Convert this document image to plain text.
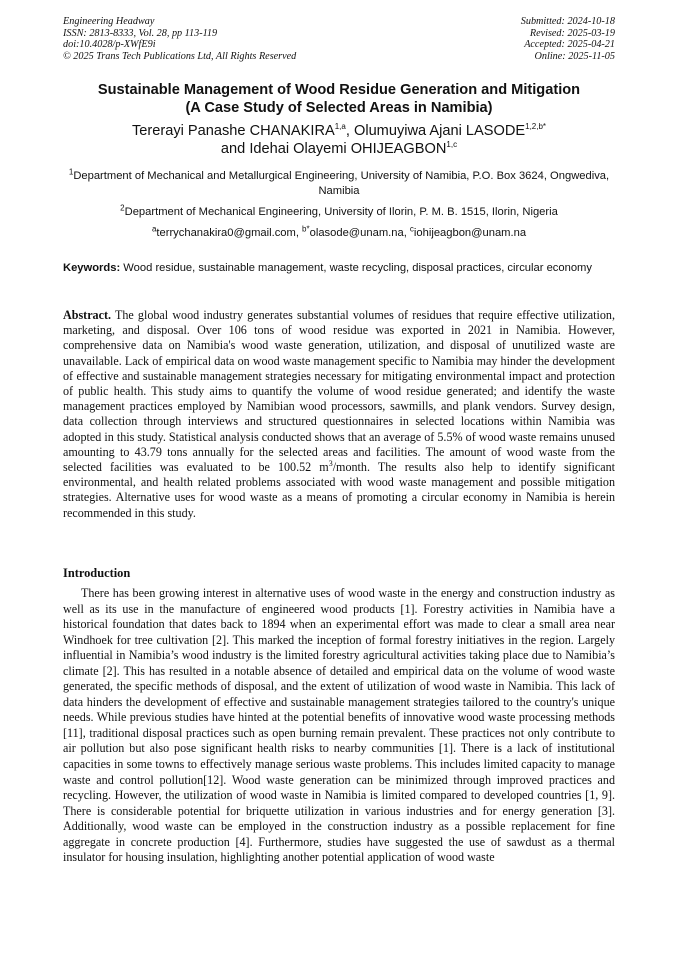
Engineering Headway
ISSN: 2813-8333, Vol. 28, pp 113-119
doi:10.4028/p-XWfE9i
© 2025 Trans Tech Publications Ltd, All Rights Reserved
Submitted: 2024-10-18
Revised: 2025-03-19
Accepted: 2025-04-21
Online: 2025-11-05
Sustainable Management of Wood Residue Generation and Mitigation
(A Case Study of Selected Areas in Namibia)
Tererayi Panashe CHANAKIRA$^{1,a}$, Olumuyiwa Ajani $LASODE^{1,2,b*}$
and Idehai Olayemi OHIJEAGBON$^{1,c}$
$^1$Department of Mechanical and Metallurgical Engineering, University of Namibia, P.O. Box 3624, Ongwediva, Namibia
$^2$Department of Mechanical Engineering, University of Ilorin, P. M. B. 1515, Ilorin, Nigeria
$^a$terrychanakira0@gmail.com, $^{b*}$olasode@unam.na, $^c$iohijeagbon@unam.na
Keywords: Wood residue, sustainable management, waste recycling, disposal practices, circular economy
Abstract. The global wood industry generates substantial volumes of residues that require effective utilization, marketing, and disposal. Over 106 tons of wood residue was exported in 2021 in Namibia. However, comprehensive data on Namibia's wood waste generation, utilization, and disposal of unutilized waste are unavailable. Lack of empirical data on wood waste management specific to Namibia may hinder the development of effective and sustainable management strategies necessary for mitigating environmental impact and protection of public health. This study aims to quantify the volume of wood residue generated; and identify the waste management practices employed by Namibian wood processors, sawmills, and plank vendors. Survey design, data collection through interviews and structured questionnaires in selected locations within Namibia was adopted in this study. Statistical analysis conducted shows that an average of 5.5% of wood waste remains unused amounting to 43.79 tons annually for the selected areas and facilities. The amount of wood waste from the selected facilities was evaluated to be 100.52 $m^3$/month. The results also help to identify significant environmental, and health related problems associated with wood waste management and possible mitigation strategies. Alternative uses for wood waste as a means of promoting a circular economy in Namibia is herein recommended in this study.
Introduction
There has been growing interest in alternative uses of wood waste in the energy and construction industry as well as its use in the manufacture of engineered wood products [1]. Forestry activities in Namibia have a historical foundation that dates back to 1894 when an experimental effort was made to clear a small area near Windhoek for tree cultivation [2]. This marked the inception of formal forestry initiatives in the region. Largely influential in Namibia’s wood industry is the limited forestry agricultural activities taking place due to Namibia’s climate [2]. This has resulted in a notable absence of detailed and empirical data on the volume of wood waste generated, the specific methods of disposal, and the extent of utilization of wood waste in Namibia. This lack of data hinders the development of effective and sustainable management strategies tailored to the country's unique needs. While previous studies have hinted at the potential benefits of innovative wood waste processing methods [11], traditional disposal practices such as open burning remain prevalent. These practices not only contribute to air pollution but also pose significant health risks to nearby communities [1]. There is a lack of institutional capacities in some towns to effectively manage serious waste problems. This includes limited capacity to manage waste and control pollution[12]. Wood waste generation can be minimized through improved practices and recycling. However, the utilization of wood waste in Namibia is limited compared to developed countries [1, 9]. There is considerable potential for briquette utilization in various industries and for energy generation [3]. Additionally, wood waste can be employed in the construction industry as a possible replacement for fine aggregate in concrete production [4]. Furthermore, studies have suggested the use of sawdust as a thermal insulator for housing insulation, highlighting another potential application of wood waste
